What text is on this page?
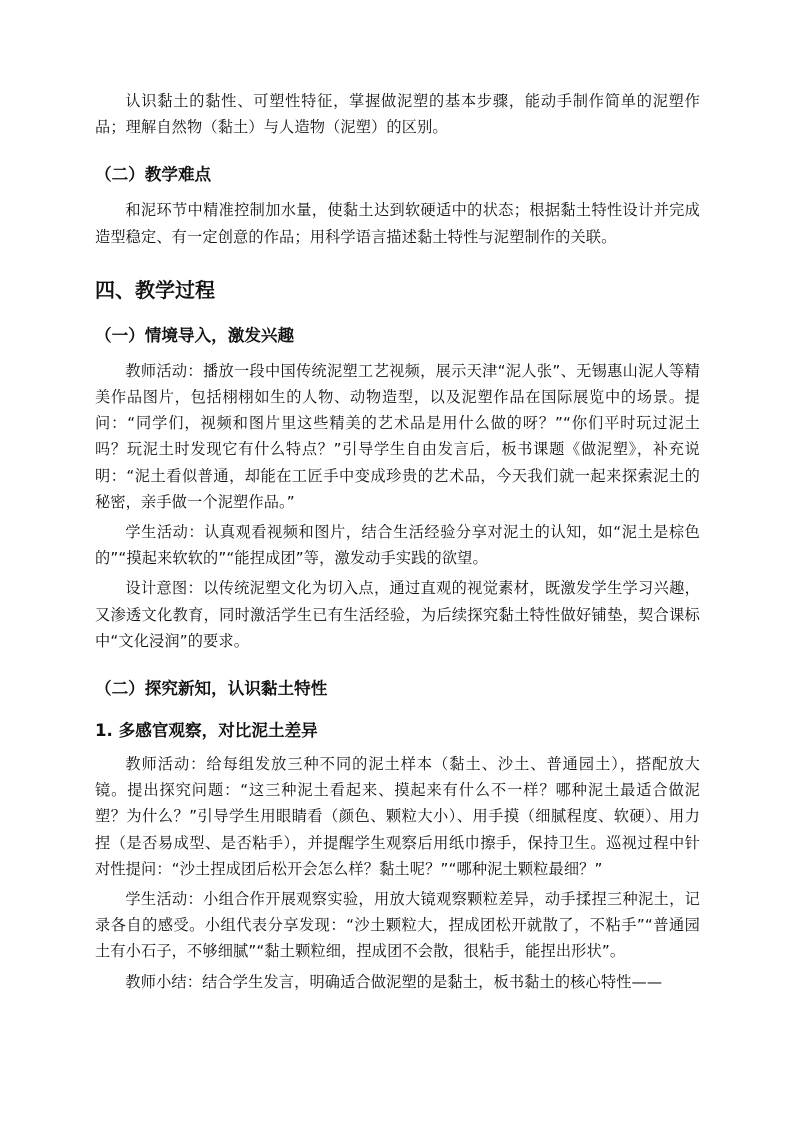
认识黏土的黏性、可塑性特征，掌握做泥塑的基本步骤，能动手制作简单的泥塑作品；理解自然物（黏土）与人造物（泥塑）的区别。

（二）教学难点

和泥环节中精准控制加水量，使黏土达到软硬适中的状态；根据黏土特性设计并完成造型稳定、有一定创意的作品；用科学语言描述黏土特性与泥塑制作的关联。

四、教学过程
（一）情境导入，激发兴趣

教师活动：播放一段中国传统泥塑工艺视频，展示天津“泥人张”、无锡惠山泥人等精美作品图片，包括栩栩如生的人物、动物造型，以及泥塑作品在国际展览中的场景。提问：“同学们，视频和图片里这些精美的艺术品是用什么做的呀？”“你们平时玩过泥土吗？玩泥土时发现它有什么特点？”引导学生自由发言后，板书课题《做泥塑》，补充说明：“泥土看似普通，却能在工匠手中变成珍贵的艺术品，今天我们就一起来探索泥土的秘密，亲手做一个泥塑作品。”

学生活动：认真观看视频和图片，结合生活经验分享对泥土的认知，如“泥土是棕色的”“摸起来软软的”“能捏成团”等，激发动手实践的欲望。

设计意图：以传统泥塑文化为切入点，通过直观的视觉素材，既激发学生学习兴趣，又渗透文化教育，同时激活学生已有生活经验，为后续探究黏土特性做好铺垫，契合课标中“文化浸润”的要求。

（二）探究新知，认识黏土特性
1. 多感官观察，对比泥土差异

教师活动：给每组发放三种不同的泥土样本（黏土、沙土、普通园土），搭配放大镜。提出探究问题：“这三种泥土看起来、摸起来有什么不一样？哪种泥土最适合做泥塑？为什么？”引导学生用眼睛看（颜色、颗粒大小）、用手摸（细腻程度、软硬）、用力捏（是否易成型、是否粘手），并提醒学生观察后用纸巾擦手，保持卫生。巡视过程中针对性提问：“沙土捏成团后松开会怎么样？黏土呢？”“哪种泥土颗粒最细？”

学生活动：小组合作开展观察实验，用放大镜观察颗粒差异，动手揉捏三种泥土，记录各自的感受。小组代表分享发现：“沙土颗粒大，捏成团松开就散了，不粘手”“普通园土有小石子，不够细腻”“黏土颗粒细，捏成团不会散，很粘手，能捏出形状”。

教师小结：结合学生发言，明确适合做泥塑的是黏土，板书黏土的核心特性——
